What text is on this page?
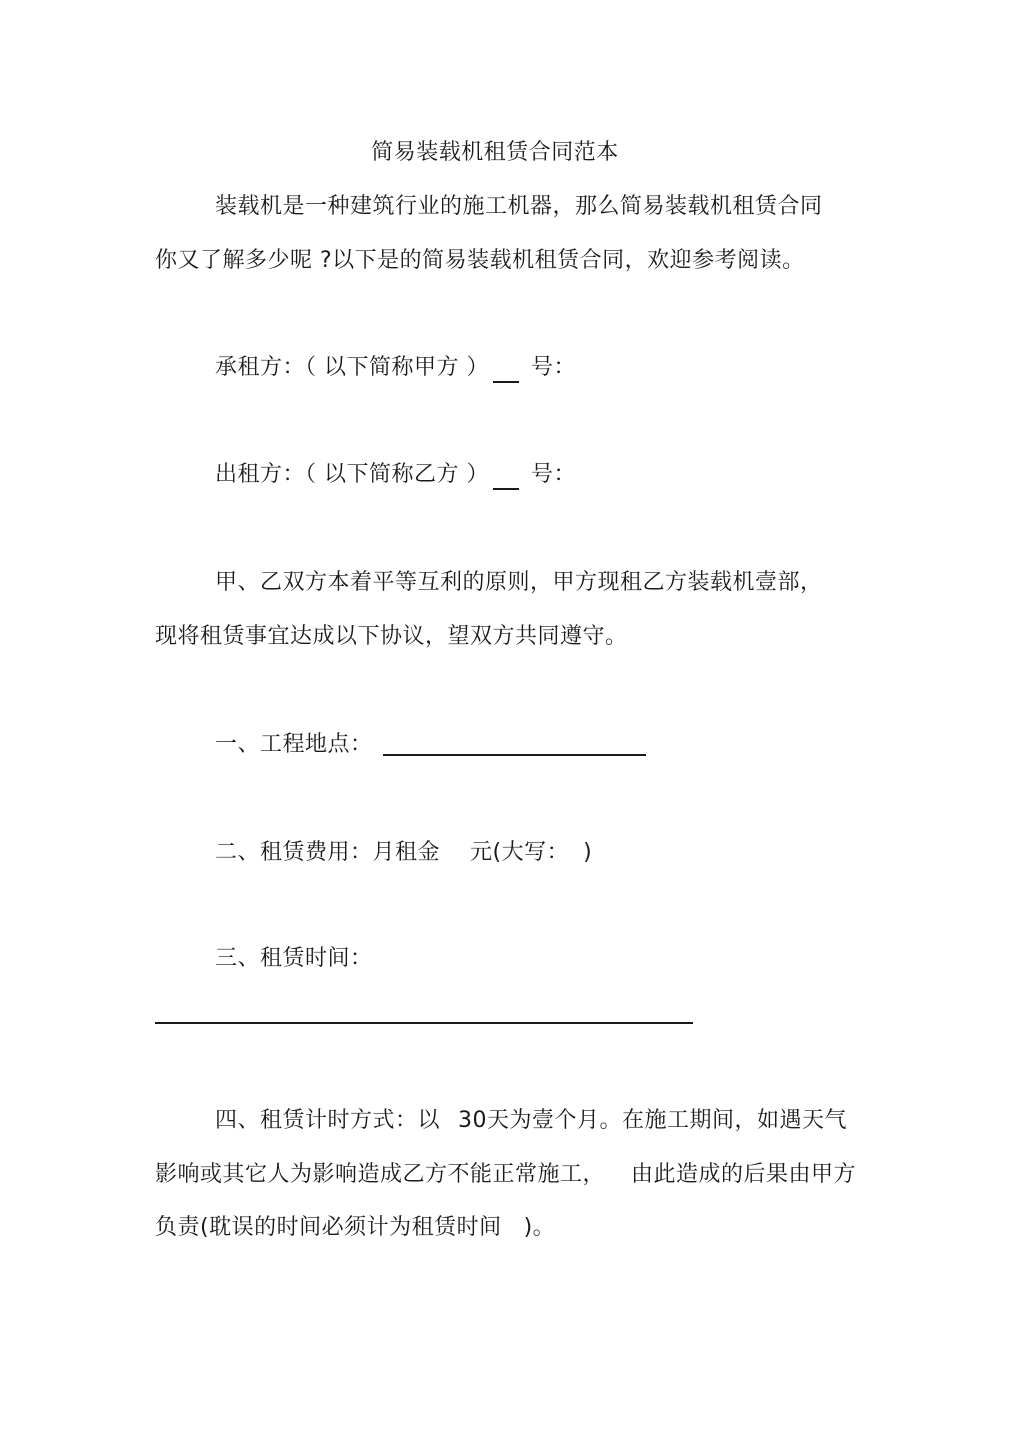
简易装载机租赁合同范本
装载机是一种建筑行业的施工机器，那么简易装载机租赁合同
你又了解多少呢 ?以下是的简易装载机租赁合同，欢迎参考阅读。
承租方：（ 以下简称甲方 ） 号：
出租方：（ 以下简称乙方 ） 号：
甲、乙双方本着平等互利的原则，甲方现租乙方装载机壹部，
现将租赁事宜达成以下协议，望双方共同遵守。
一、工程地点：
二、租赁费用：月租金 元(大写： )
三、租赁时间：
四、租赁计时方式：以 30天为壹个月。在施工期间，如遇天气
影响或其它人为影响造成乙方不能正常施工， 由此造成的后果由甲方
负责(耽误的时间必须计为租赁时间 )。
